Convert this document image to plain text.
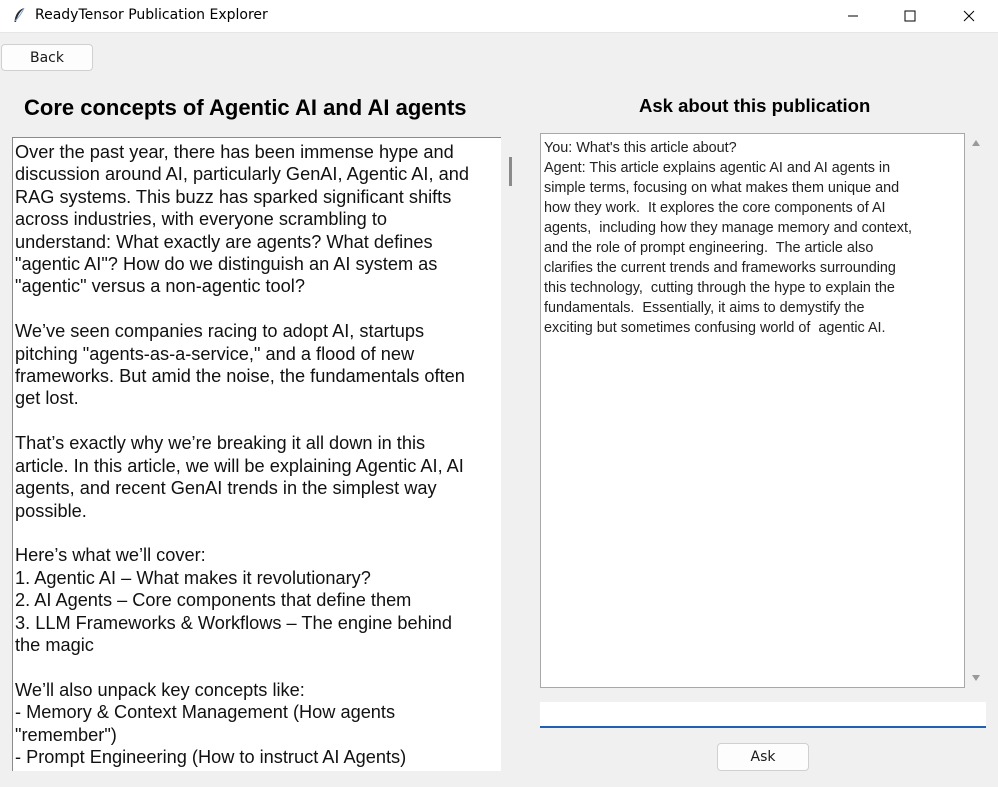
ReadyTensor Publication Explorer
Back
Core concepts of Agentic AI and AI agents
Over the past year, there has been immense hype and
discussion around AI, particularly GenAI, Agentic AI, and
RAG systems. This buzz has sparked significant shifts
across industries, with everyone scrambling to
understand: What exactly are agents? What defines
"agentic AI"? How do we distinguish an AI system as
"agentic" versus a non-agentic tool?

We’ve seen companies racing to adopt AI, startups
pitching "agents-as-a-service," and a flood of new
frameworks. But amid the noise, the fundamentals often
get lost.

That’s exactly why we’re breaking it all down in this
article. In this article, we will be explaining Agentic AI, AI
agents, and recent GenAI trends in the simplest way
possible.

Here’s what we’ll cover:
1. Agentic AI – What makes it revolutionary?
2. AI Agents – Core components that define them
3. LLM Frameworks & Workflows – The engine behind
the magic

We’ll also unpack key concepts like:
- Memory & Context Management (How agents
"remember")
- Prompt Engineering (How to instruct AI Agents)
Ask about this publication
You: What's this article about?
Agent: This article explains agentic AI and AI agents in
simple terms, focusing on what makes them unique and
how they work.  It explores the core components of AI
agents,  including how they manage memory and context,
and the role of prompt engineering.  The article also
clarifies the current trends and frameworks surrounding
this technology,  cutting through the hype to explain the
fundamentals.  Essentially, it aims to demystify the
exciting but sometimes confusing world of  agentic AI.
Ask
